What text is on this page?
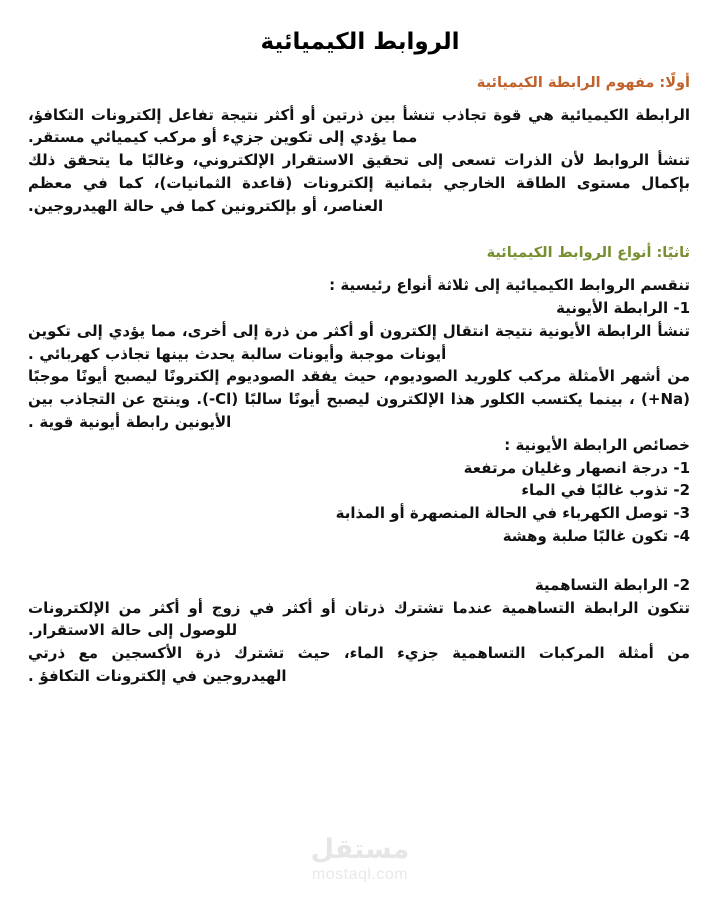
الروابط الكيميائية
أولًا: مفهوم الرابطة الكيميائية

الرابطة الكيميائية هي قوة تجاذب تنشأ بين ذرتين أو أكثر نتيجة تفاعل إلكترونات التكافؤ، مما يؤدي إلى تكوين جزيء أو مركب كيميائي مستقر.

تنشأ الروابط لأن الذرات تسعى إلى تحقيق الاستقرار الإلكتروني، وغالبًا ما يتحقق ذلك بإكمال مستوى الطاقة الخارجي بثمانية إلكترونات (قاعدة الثمانيات)، كما في معظم العناصر، أو بإلكترونين كما في حالة الهيدروجين.

ثانيًا: أنواع الروابط الكيميائية

تنقسم الروابط الكيميائية إلى ثلاثة أنواع رئيسية :

1- الرابطة الأيونية

تنشأ الرابطة الأيونية نتيجة انتقال إلكترون أو أكثر من ذرة إلى أخرى، مما يؤدي إلى تكوين أيونات موجبة وأيونات سالبة يحدث بينها تجاذب كهربائي .

من أشهر الأمثلة مركب كلوريد الصوديوم، حيث يفقد الصوديوم إلكترونًا ليصبح أيونًا موجبًا (Na+) ، بينما يكتسب الكلور هذا الإلكترون ليصبح أيونًا سالبًا (Cl-). وينتج عن التجاذب بين الأيونين رابطة أيونية قوية .

خصائص الرابطة الأيونية :

1- درجة انصهار وغليان مرتفعة

2- تذوب غالبًا في الماء

3- توصل الكهرباء في الحالة المنصهرة أو المذابة

4- تكون غالبًا صلبة وهشة

2- الرابطة التساهمية

تتكون الرابطة التساهمية عندما تشترك ذرتان أو أكثر في زوج أو أكثر من الإلكترونات للوصول إلى حالة الاستقرار.

من أمثلة المركبات التساهمية جزيء الماء، حيث تشترك ذرة الأكسجين مع ذرتي الهيدروجين في إلكترونات التكافؤ .

مستقل
mostaql.com
